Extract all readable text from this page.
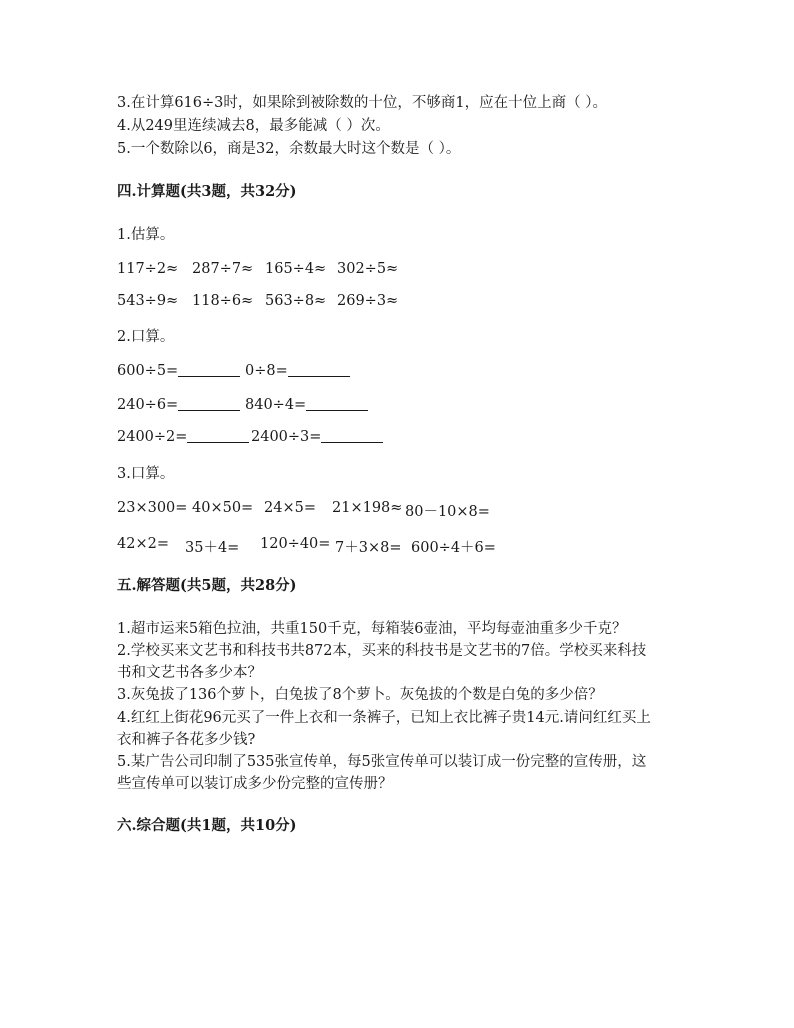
3.在计算616÷3时，如果除到被除数的十位，不够商1，应在十位上商（ ）。
4.从249里连续减去8，最多能减（ ）次。
5.一个数除以6，商是32，余数最大时这个数是（ ）。
四.计算题(共3题，共32分)
1.估算。
117÷2≈ 287÷7≈ 165÷4≈ 302÷5≈
543÷9≈ 118÷6≈ 563÷8≈ 269÷3≈
2.口算。
600÷5=	0÷8=
240÷6=	840÷4=
2400÷2=	2400÷3=
3.口算。
23×300= 40×50= 24×5= 21×198≈ 80－10×8=
42×2= 35＋4= 120÷40= 7＋3×8= 600÷4＋6=
五.解答题(共5题，共28分)
1.超市运来5箱色拉油，共重150千克，每箱装6壶油，平均每壶油重多少千克？
2.学校买来文艺书和科技书共872本，买来的科技书是文艺书的7倍。学校买来科技
书和文艺书各多少本？
3.灰兔拔了136个萝卜，白兔拔了8个萝卜。灰兔拔的个数是白兔的多少倍？
4.红红上街花96元买了一件上衣和一条裤子，已知上衣比裤子贵14元.请问红红买上
衣和裤子各花多少钱?
5.某广告公司印制了535张宣传单，每5张宣传单可以装订成一份完整的宣传册，这
些宣传单可以装订成多少份完整的宣传册？
六.综合题(共1题，共10分)
